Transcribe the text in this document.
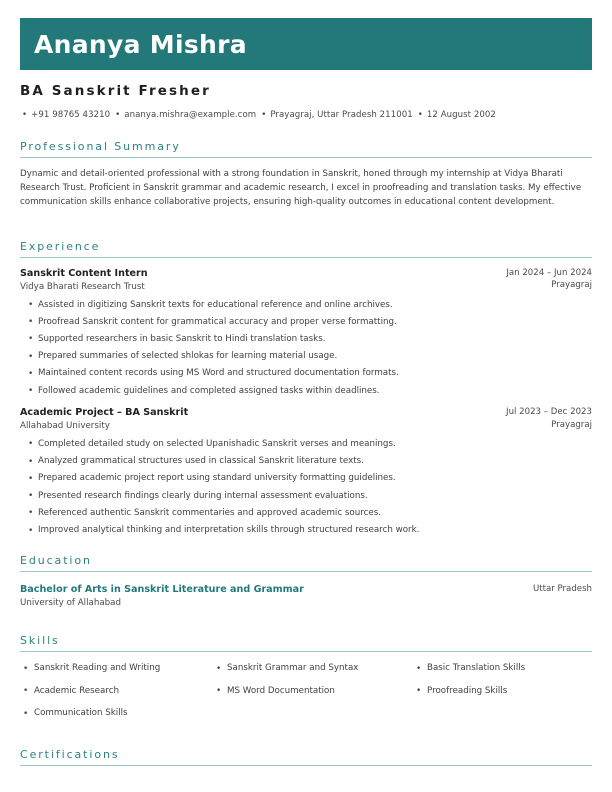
Ananya Mishra
BA Sanskrit Fresher
• +91 98765 43210 • ananya.mishra@example.com • Prayagraj, Uttar Pradesh 211001 • 12 August 2002
Professional Summary
Dynamic and detail-oriented professional with a strong foundation in Sanskrit, honed through my internship at Vidya Bharati Research Trust. Proficient in Sanskrit grammar and academic research, I excel in proofreading and translation tasks. My effective communication skills enhance collaborative projects, ensuring high-quality outcomes in educational content development.
Experience
Sanskrit Content Intern
Vidya Bharati Research Trust
Jan 2024 – Jun 2024
Prayagraj
• Assisted in digitizing Sanskrit texts for educational reference and online archives.
• Proofread Sanskrit content for grammatical accuracy and proper verse formatting.
• Supported researchers in basic Sanskrit to Hindi translation tasks.
• Prepared summaries of selected shlokas for learning material usage.
• Maintained content records using MS Word and structured documentation formats.
• Followed academic guidelines and completed assigned tasks within deadlines.
Academic Project – BA Sanskrit
Allahabad University
Jul 2023 – Dec 2023
Prayagraj
• Completed detailed study on selected Upanishadic Sanskrit verses and meanings.
• Analyzed grammatical structures used in classical Sanskrit literature texts.
• Prepared academic project report using standard university formatting guidelines.
• Presented research findings clearly during internal assessment evaluations.
• Referenced authentic Sanskrit commentaries and approved academic sources.
• Improved analytical thinking and interpretation skills through structured research work.
Education
Bachelor of Arts in Sanskrit Literature and Grammar
University of Allahabad
Uttar Pradesh
Skills
• Sanskrit Reading and Writing	• Sanskrit Grammar and Syntax	• Basic Translation Skills
• Academic Research	• MS Word Documentation	• Proofreading Skills
• Communication Skills
Certifications
